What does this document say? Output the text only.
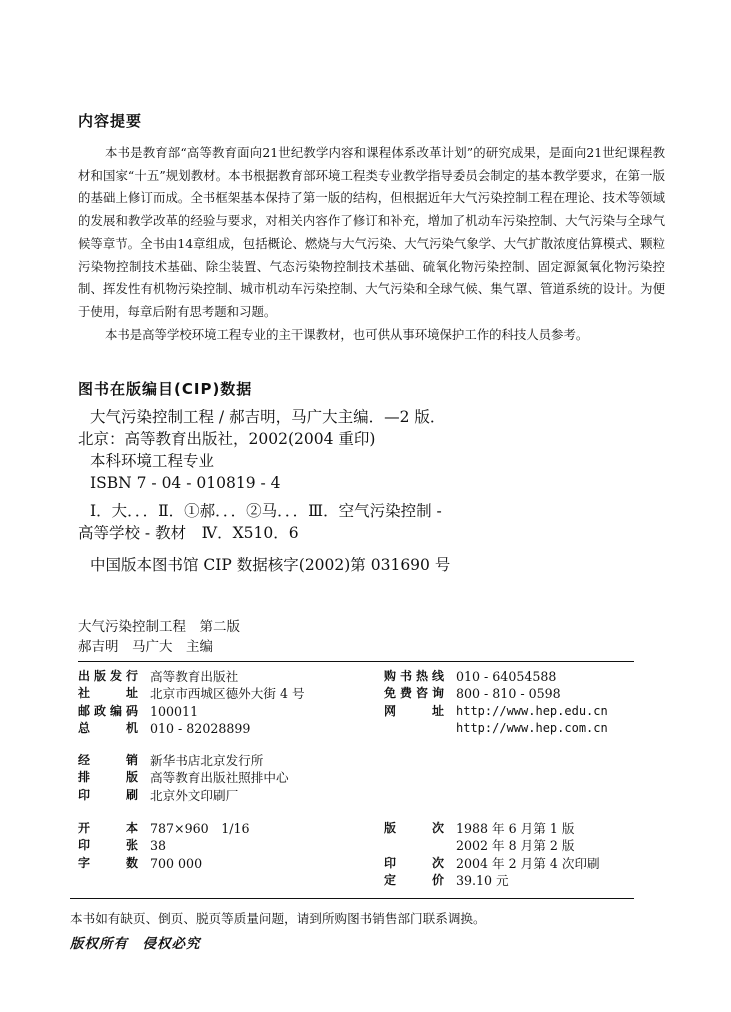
内容提要

本书是教育部“高等教育面向21世纪教学内容和课程体系改革计划”的研究成果，是面向21世纪课程教材和国家“十五”规划教材。本书根据教育部环境工程类专业教学指导委员会制定的基本教学要求，在第一版的基础上修订而成。全书框架基本保持了第一版的结构，但根据近年大气污染控制工程在理论、技术等领域的发展和教学改革的经验与要求，对相关内容作了修订和补充，增加了机动车污染控制、大气污染与全球气候等章节。全书由14章组成，包括概论、燃烧与大气污染、大气污染气象学、大气扩散浓度估算模式、颗粒污染物控制技术基础、除尘装置、气态污染物控制技术基础、硫氧化物污染控制、固定源氮氧化物污染控制、挥发性有机物污染控制、城市机动车污染控制、大气污染和全球气候、集气罩、管道系统的设计。为便于使用，每章后附有思考题和习题。

本书是高等学校环境工程专业的主干课教材，也可供从事环境保护工作的科技人员参考。

图书在版编目(CIP)数据
大气污染控制工程 / 郝吉明，马广大主编．—2 版．
北京：高等教育出版社，2002(2004 重印)
本科环境工程专业
ISBN 7 - 04 - 010819 - 4
Ⅰ．大．．．Ⅱ．①郝．．．②马．．．Ⅲ．空气污染控制 -
高等学校 - 教材　Ⅳ．X510．6
中国版本图书馆 CIP 数据核字(2002)第 031690 号
大气污染控制工程　第二版
郝吉明　马广大　主编
出版发行 高等教育出版社
社址 北京市西城区德外大街 4 号
邮政编码 100011
总机 010 - 82028899
购书热线 010 - 64054588
免费咨询 800 - 810 - 0598
网址 http://www.hep.edu.cn
http://www.hep.com.cn
经销 新华书店北京发行所
排版 高等教育出版社照排中心
印刷 北京外文印刷厂
开本 787×960　1/16
印张 38
字数 700 000
版次 1988 年 6 月第 1 版
2002 年 8 月第 2 版
印次 2004 年 2 月第 4 次印刷
定价 39.10 元
本书如有缺页、倒页、脱页等质量问题，请到所购图书销售部门联系调换。
版权所有　侵权必究
